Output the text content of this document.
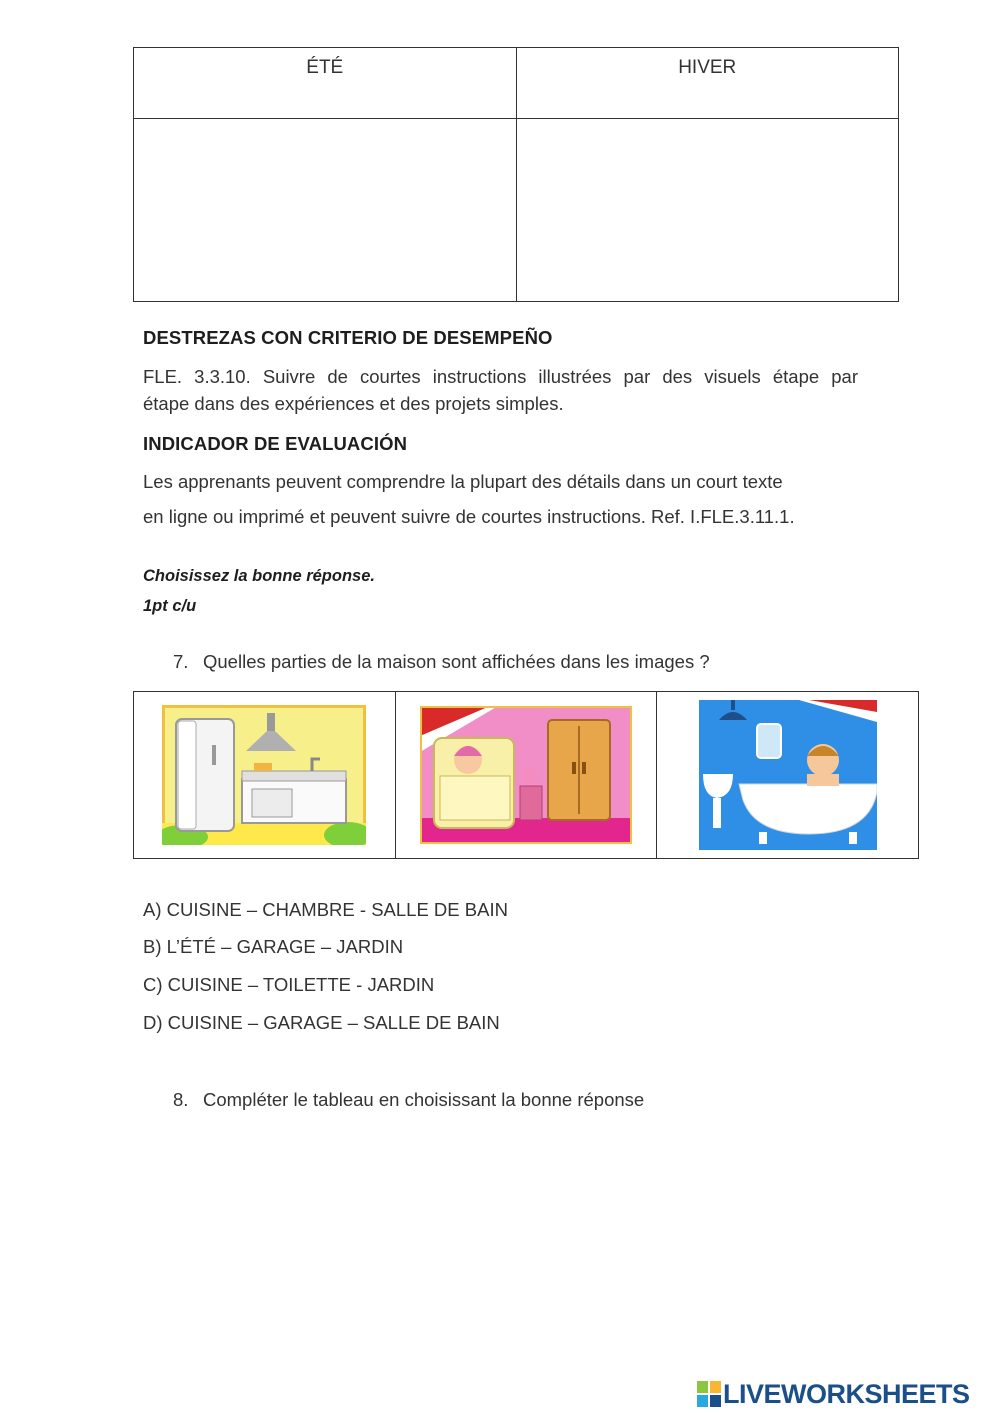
ÉTÉ	HIVER

DESTREZAS CON CRITERIO DE DESEMPEÑO
FLE. 3.3.10. Suivre de courtes instructions illustrées par des visuels étape par
étape dans des expériences et des projets simples.
INDICADOR DE EVALUACIÓN
Les apprenants peuvent comprendre la plupart des détails dans un court texte
en ligne ou imprimé et peuvent suivre de courtes instructions. Ref. I.FLE.3.11.1.
Choisissez la bonne réponse.
1pt c/u
7. Quelles parties de la maison sont affichées dans les images ?

A) CUISINE – CHAMBRE - SALLE DE BAIN
B) L’ÉTÉ – GARAGE – JARDIN
C) CUISINE – TOILETTE - JARDIN
D) CUISINE – GARAGE – SALLE DE BAIN
8. Compléter le tableau en choisissant la bonne réponse
LIVEWORKSHEETS
